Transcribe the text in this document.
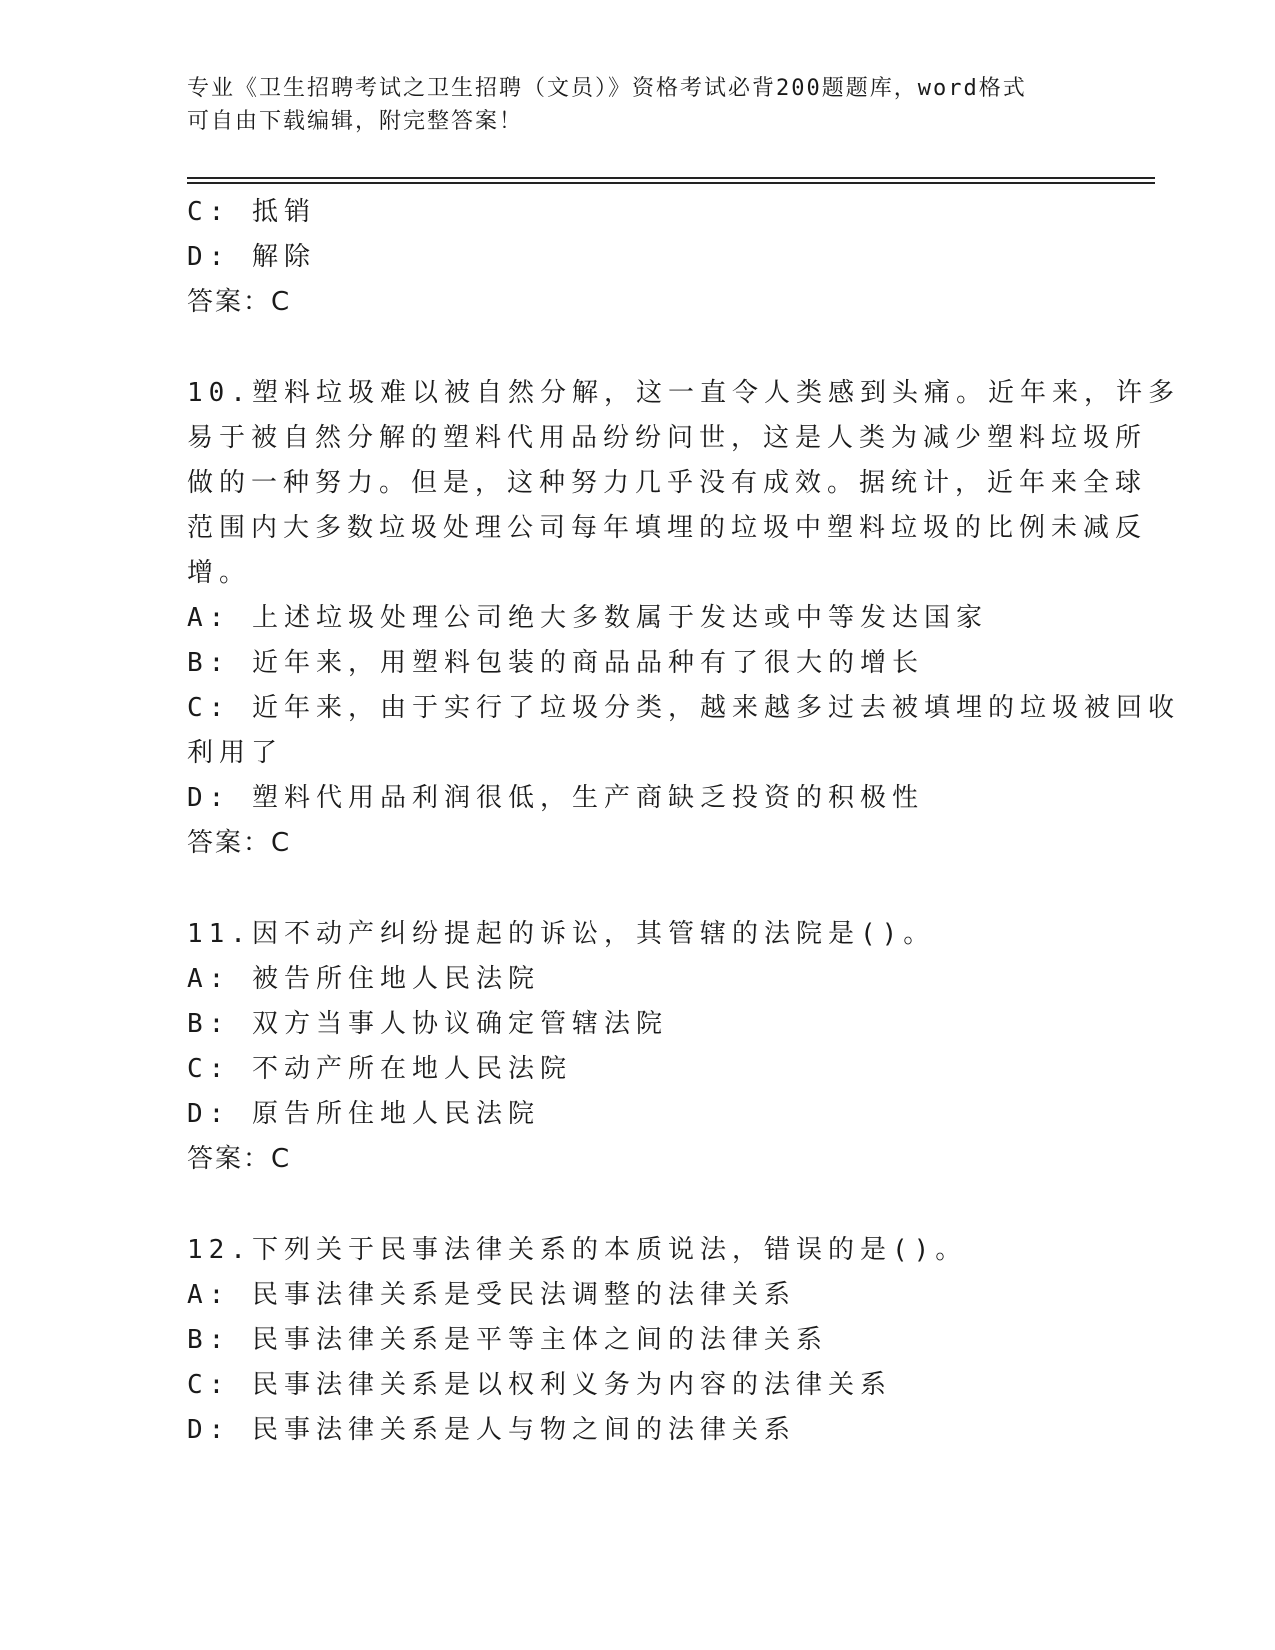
专业《卫生招聘考试之卫生招聘（文员）》资格考试必背200题题库，word格式
可自由下载编辑，附完整答案！
C: 抵销
D: 解除
答案：C
10.塑料垃圾难以被自然分解，这一直令人类感到头痛。近年来，许多
易于被自然分解的塑料代用品纷纷问世，这是人类为减少塑料垃圾所
做的一种努力。但是，这种努力几乎没有成效。据统计，近年来全球
范围内大多数垃圾处理公司每年填埋的垃圾中塑料垃圾的比例未减反
增。
A: 上述垃圾处理公司绝大多数属于发达或中等发达国家
B: 近年来，用塑料包装的商品品种有了很大的增长
C: 近年来，由于实行了垃圾分类，越来越多过去被填埋的垃圾被回收
利用了
D: 塑料代用品利润很低，生产商缺乏投资的积极性
答案：C
11.因不动产纠纷提起的诉讼，其管辖的法院是()。
A: 被告所住地人民法院
B: 双方当事人协议确定管辖法院
C: 不动产所在地人民法院
D: 原告所住地人民法院
答案：C
12.下列关于民事法律关系的本质说法，错误的是()。
A: 民事法律关系是受民法调整的法律关系
B: 民事法律关系是平等主体之间的法律关系
C: 民事法律关系是以权利义务为内容的法律关系
D: 民事法律关系是人与物之间的法律关系
